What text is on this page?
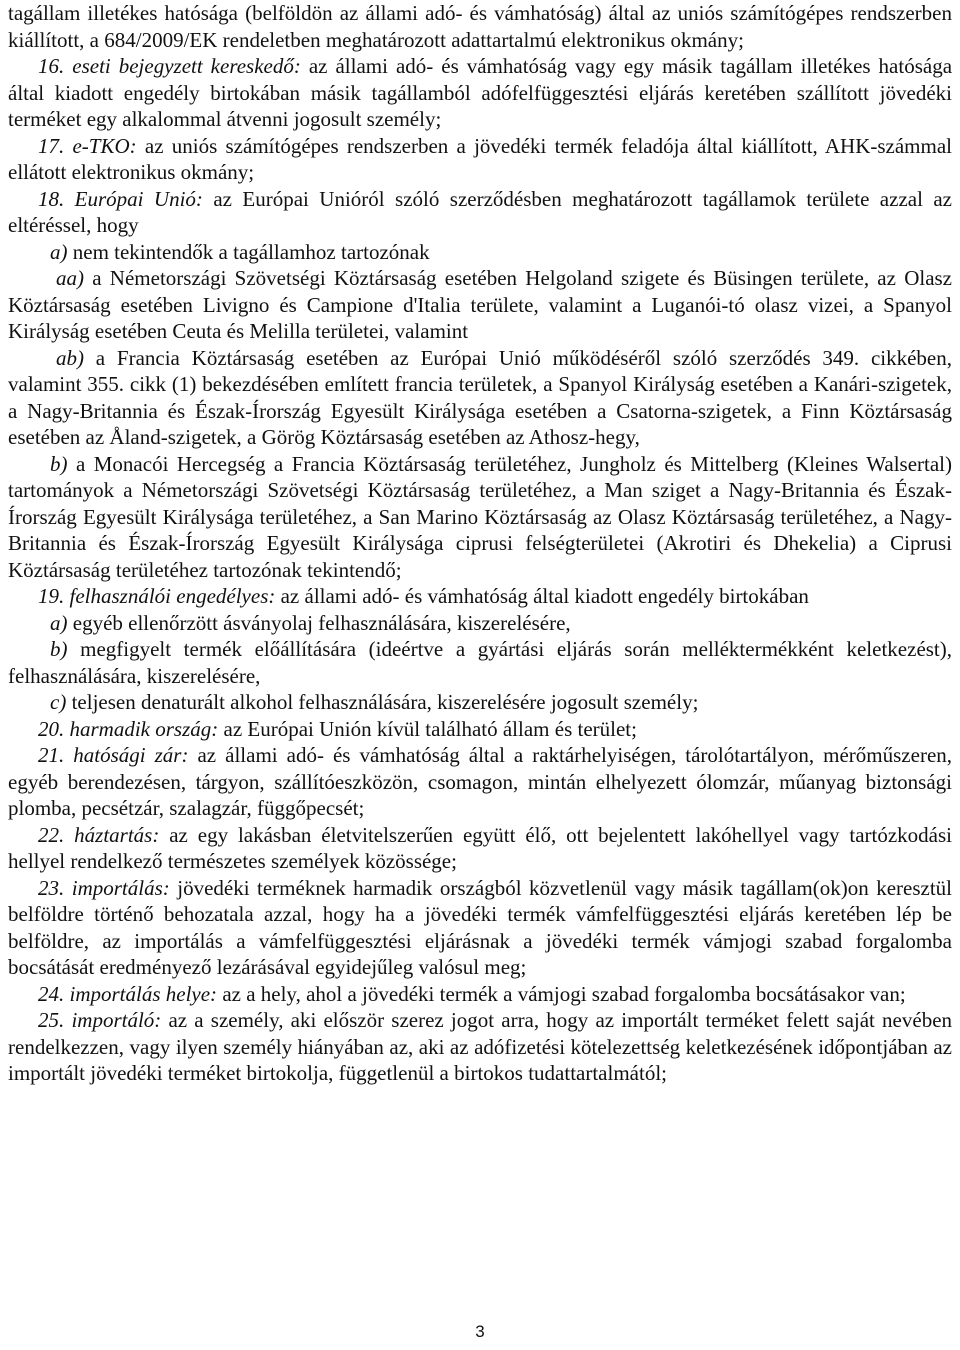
tagállam illetékes hatósága (belföldön az állami adó- és vámhatóság) által az uniós számítógépes rendszerben kiállított, a 684/2009/EK rendeletben meghatározott adattartalmú elektronikus okmány;

16. eseti bejegyzett kereskedő: az állami adó- és vámhatóság vagy egy másik tagállam illetékes hatósága által kiadott engedély birtokában másik tagállamból adófelfüggesztési eljárás keretében szállított jövedéki terméket egy alkalommal átvenni jogosult személy;

17. e-TKO: az uniós számítógépes rendszerben a jövedéki termék feladója által kiállított, AHK-számmal ellátott elektronikus okmány;

18. Európai Unió: az Európai Unióról szóló szerződésben meghatározott tagállamok területe azzal az eltéréssel, hogy

a) nem tekintendők a tagállamhoz tartozónak

aa) a Németországi Szövetségi Köztársaság esetében Helgoland szigete és Büsingen területe, az Olasz Köztársaság esetében Livigno és Campione d'Italia területe, valamint a Luganói-tó olasz vizei, a Spanyol Királyság esetében Ceuta és Melilla területei, valamint

ab) a Francia Köztársaság esetében az Európai Unió működéséről szóló szerződés 349. cikkében, valamint 355. cikk (1) bekezdésében említett francia területek, a Spanyol Királyság esetében a Kanári-szigetek, a Nagy-Britannia és Észak-Írország Egyesült Királysága esetében a Csatorna-szigetek, a Finn Köztársaság esetében az Åland-szigetek, a Görög Köztársaság esetében az Athosz-hegy,

b) a Monacói Hercegség a Francia Köztársaság területéhez, Jungholz és Mittelberg (Kleines Walsertal) tartományok a Németországi Szövetségi Köztársaság területéhez, a Man sziget a Nagy-Britannia és Észak-Írország Egyesült Királysága területéhez, a San Marino Köztársaság az Olasz Köztársaság területéhez, a Nagy-Britannia és Észak-Írország Egyesült Királysága ciprusi felségterületei (Akrotiri és Dhekelia) a Ciprusi Köztársaság területéhez tartozónak tekintendő;

19. felhasználói engedélyes: az állami adó- és vámhatóság által kiadott engedély birtokában

a) egyéb ellenőrzött ásványolaj felhasználására, kiszerelésére,

b) megfigyelt termék előállítására (ideértve a gyártási eljárás során melléktermékként keletkezést), felhasználására, kiszerelésére,

c) teljesen denaturált alkohol felhasználására, kiszerelésére jogosult személy;

20. harmadik ország: az Európai Unión kívül található állam és terület;

21. hatósági zár: az állami adó- és vámhatóság által a raktárhelyiségen, tárolótartályon, mérőműszeren, egyéb berendezésen, tárgyon, szállítóeszközön, csomagon, mintán elhelyezett ólomzár, műanyag biztonsági plomba, pecsétzár, szalagzár, függőpecsét;

22. háztartás: az egy lakásban életvitelszerűen együtt élő, ott bejelentett lakóhellyel vagy tartózkodási hellyel rendelkező természetes személyek közössége;

23. importálás: jövedéki terméknek harmadik országból közvetlenül vagy másik tagállam(ok)on keresztül belföldre történő behozatala azzal, hogy ha a jövedéki termék vámfelfüggesztési eljárás keretében lép be belföldre, az importálás a vámfelfüggesztési eljárásnak a jövedéki termék vámjogi szabad forgalomba bocsátását eredményező lezárásával egyidejűleg valósul meg;

24. importálás helye: az a hely, ahol a jövedéki termék a vámjogi szabad forgalomba bocsátásakor van;

25. importáló: az a személy, aki először szerez jogot arra, hogy az importált terméket felett saját nevében rendelkezzen, vagy ilyen személy hiányában az, aki az adófizetési kötelezettség keletkezésének időpontjában az importált jövedéki terméket birtokolja, függetlenül a birtokos tudattartalmától;

3
